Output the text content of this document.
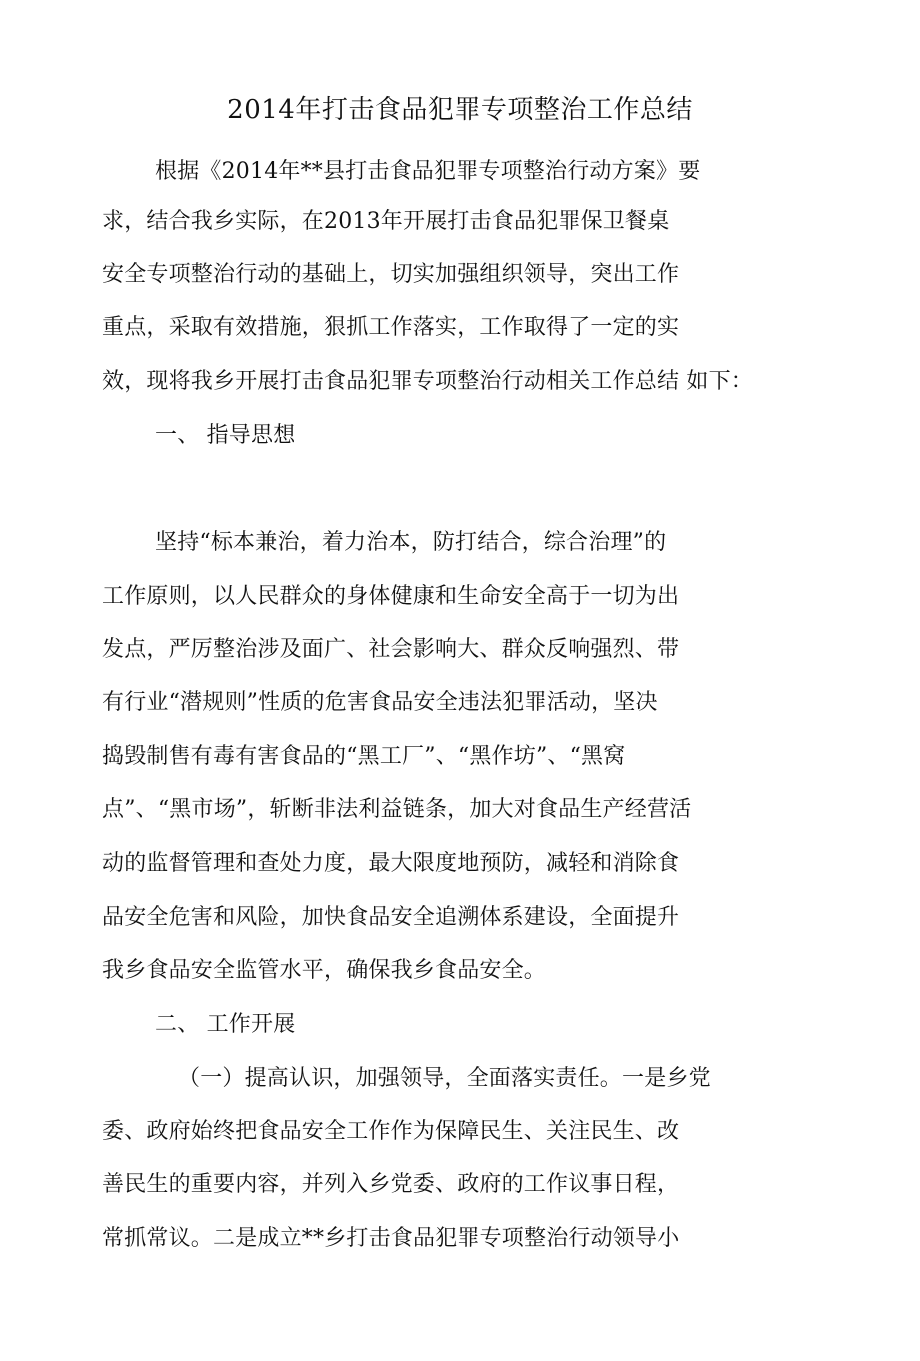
2014年打击食品犯罪专项整治工作总结
根据《2014年**县打击食品犯罪专项整治行动方案》要
求，结合我乡实际，在2013年开展打击食品犯罪保卫餐桌
安全专项整治行动的基础上，切实加强组织领导，突出工作
重点，采取有效措施，狠抓工作落实，工作取得了一定的实
效，现将我乡开展打击食品犯罪专项整治行动相关工作总结 如下：
一、 指导思想
坚持“标本兼治，着力治本，防打结合，综合治理”的
工作原则，以人民群众的身体健康和生命安全高于一切为出
发点，严厉整治涉及面广、社会影响大、群众反响强烈、带
有行业“潜规则”性质的危害食品安全违法犯罪活动，坚决
捣毁制售有毒有害食品的“黑工厂”、“黑作坊”、“黑窝
点”、“黑市场”，斩断非法利益链条，加大对食品生产经营活
动的监督管理和查处力度，最大限度地预防，减轻和消除食
品安全危害和风险，加快食品安全追溯体系建设，全面提升
我乡食品安全监管水平，确保我乡食品安全。
二、 工作开展
（一）提高认识，加强领导，全面落实责任。一是乡党
委、政府始终把食品安全工作作为保障民生、关注民生、改
善民生的重要内容，并列入乡党委、政府的工作议事日程，
常抓常议。二是成立**乡打击食品犯罪专项整治行动领导小
